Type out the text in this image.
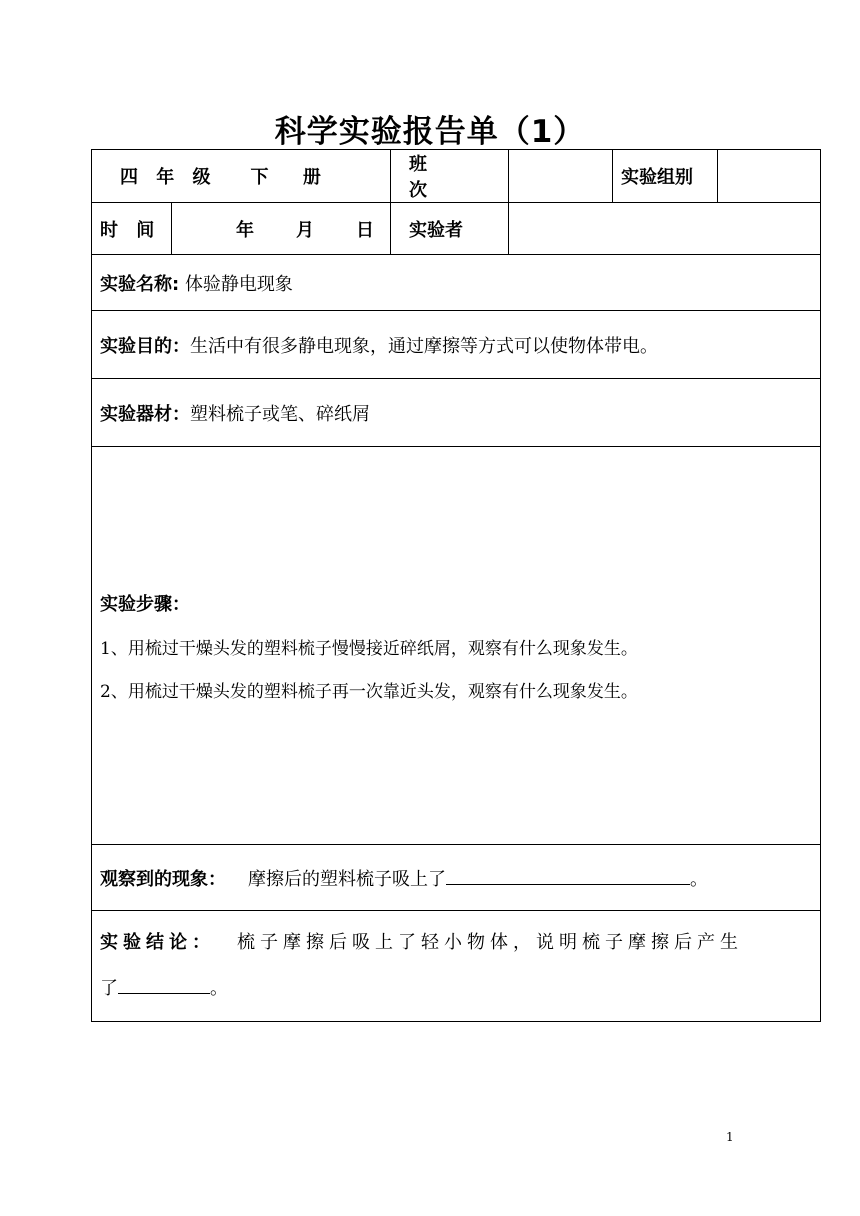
科学实验报告单（1）
四 年 级 下 册		班 次		实验组别	
时 间	年 月 日	实验者			
实验名称: 体验静电现象					
实验目的：生活中有很多静电现象，通过摩擦等方式可以使物体带电。					
实验器材：塑料梳子或笔、碎纸屑					

实验步骤：
1、用梳过干燥头发的塑料梳子慢慢接近碎纸屑，观察有什么现象发生。
2、用梳过干燥头发的塑料梳子再一次靠近头发，观察有什么现象发生。					

观察到的现象： 摩擦后的塑料梳子吸上了 。					
实验结论： 梳子摩擦后吸上了轻小物体，说明梳子摩擦后产生
了 。					
1
